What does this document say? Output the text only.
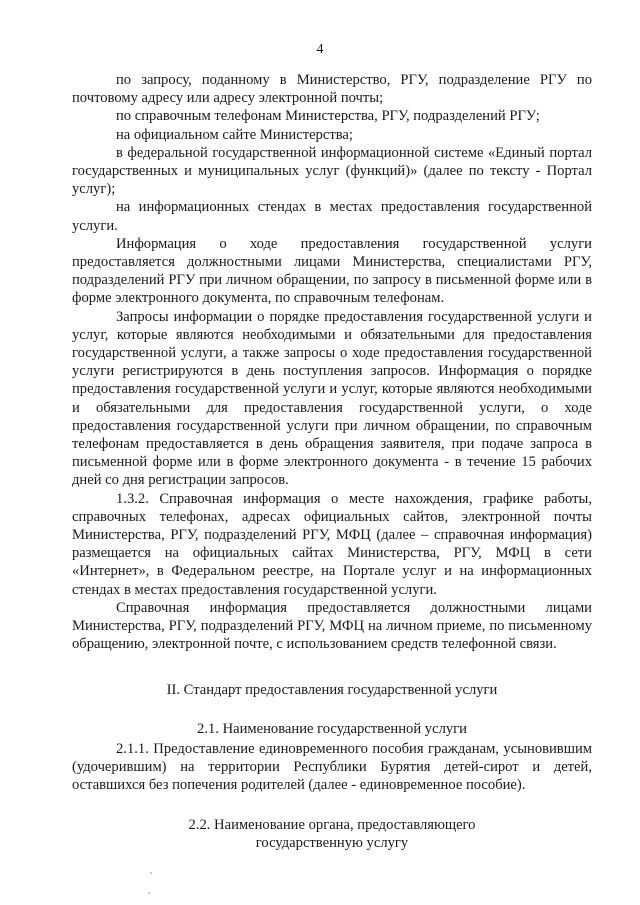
4

по запросу, поданному в Министерство, РГУ, подразделение РГУ по почтовому адресу или адресу электронной почты;

по справочным телефонам Министерства, РГУ, подразделений РГУ;

на официальном сайте Министерства;

в федеральной государственной информационной системе «Единый портал государственных и муниципальных услуг (функций)» (далее по тексту - Портал услуг);

на информационных стендах в местах предоставления государственной услуги.

Информация о ходе предоставления государственной услуги предоставляется должностными лицами Министерства, специалистами РГУ, подразделений РГУ при личном обращении, по запросу в письменной форме или в форме электронного документа, по справочным телефонам.

Запросы информации о порядке предоставления государственной услуги и услуг, которые являются необходимыми и обязательными для предоставления государственной услуги, а также запросы о ходе предоставления государственной услуги регистрируются в день поступления запросов. Информация о порядке предоставления государственной услуги и услуг, которые являются необходимыми и обязательными для предоставления государственной услуги, о ходе предоставления государственной услуги при личном обращении, по справочным телефонам предоставляется в день обращения заявителя, при подаче запроса в письменной форме или в форме электронного документа - в течение 15 рабочих дней со дня регистрации запросов.

1.3.2. Справочная информация о месте нахождения, графике работы, справочных телефонах, адресах официальных сайтов, электронной почты Министерства, РГУ, подразделений РГУ, МФЦ (далее – справочная информация) размещается на официальных сайтах Министерства, РГУ, МФЦ в сети «Интернет», в Федеральном реестре, на Портале услуг и на информационных стендах в местах предоставления государственной услуги.

Справочная информация предоставляется должностными лицами Министерства, РГУ, подразделений РГУ, МФЦ на личном приеме, по письменному обращению, электронной почте, с использованием средств телефонной связи.

II. Стандарт предоставления государственной услуги

2.1. Наименование государственной услуги

2.1.1. Предоставление единовременного пособия гражданам, усыновившим (удочерившим) на территории Республики Бурятия детей-сирот и детей, оставшихся без попечения родителей (далее - единовременное пособие).

2.2. Наименование органа, предоставляющего

государственную услугу
